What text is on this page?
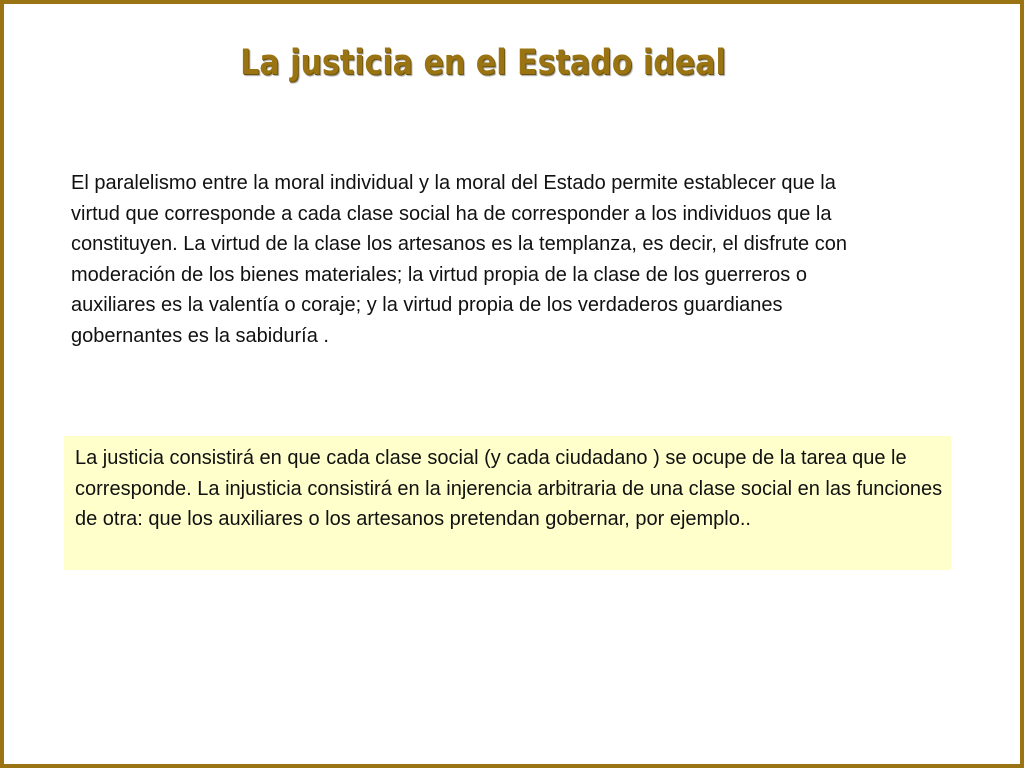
La justicia en el Estado ideal

El paralelismo entre la moral individual y la moral del Estado permite establecer que la virtud que corresponde a cada clase social ha de corresponder a los individuos que la constituyen. La virtud de la clase los artesanos es la templanza, es decir, el disfrute con moderación de los bienes materiales; la virtud propia de la clase de los guerreros o auxiliares es la valentía o coraje; y la virtud propia de los verdaderos guardianes gobernantes es la sabiduría .

La justicia consistirá en que cada clase social (y cada ciudadano ) se ocupe de la tarea que le corresponde. La injusticia consistirá en la injerencia arbitraria de una clase social en las funciones de otra: que los auxiliares o los artesanos pretendan gobernar, por ejemplo..
